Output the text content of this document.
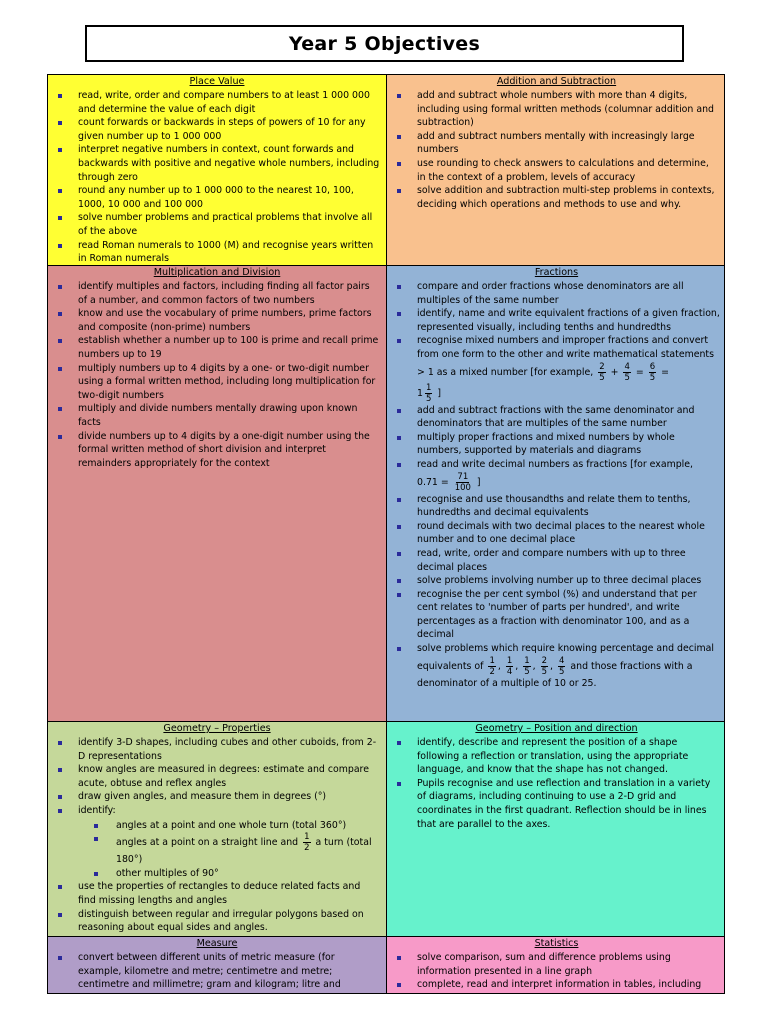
Year 5 Objectives
Place Value
read, write, order and compare numbers to at least 1 000 000 and determine the value of each digit
count forwards or backwards in steps of powers of 10 for any given number up to 1 000 000
interpret negative numbers in context, count forwards and backwards with positive and negative whole numbers, including through zero
round any number up to 1 000 000 to the nearest 10, 100, 1000, 10 000 and 100 000
solve number problems and practical problems that involve all of the above
read Roman numerals to 1000 (M) and recognise years written in Roman numerals
Addition and Subtraction
add and subtract whole numbers with more than 4 digits, including using formal written methods (columnar addition and subtraction)
add and subtract numbers mentally with increasingly large numbers
use rounding to check answers to calculations and determine, in the context of a problem, levels of accuracy
solve addition and subtraction multi-step problems in contexts, deciding which operations and methods to use and why.
Multiplication and Division
identify multiples and factors, including finding all factor pairs of a number, and common factors of two numbers
know and use the vocabulary of prime numbers, prime factors and composite (non-prime) numbers
establish whether a number up to 100 is prime and recall prime numbers up to 19
multiply numbers up to 4 digits by a one- or two-digit number using a formal written method, including long multiplication for two-digit numbers
multiply and divide numbers mentally drawing upon known facts
divide numbers up to 4 digits by a one-digit number using the formal written method of short division and interpret remainders appropriately for the context
Fractions
compare and order fractions whose denominators are all multiples of the same number
identify, name and write equivalent fractions of a given fraction, represented visually, including tenths and hundredths
recognise mixed numbers and improper fractions and convert from one form to the other and write mathematical statements > 1 as a mixed number [for example, $\frac{2}{5} + \frac{4}{5} = \frac{6}{5}$ =
$1 \frac{1}{5}$ ]
add and subtract fractions with the same denominator and denominators that are multiples of the same number
multiply proper fractions and mixed numbers by whole numbers, supported by materials and diagrams
read and write decimal numbers as fractions [for example,
$0.71 = \frac{71}{100}$ ]
recognise and use thousandths and relate them to tenths, hundredths and decimal equivalents
round decimals with two decimal places to the nearest whole number and to one decimal place
read, write, order and compare numbers with up to three decimal places
solve problems involving number up to three decimal places
recognise the per cent symbol (%) and understand that per cent relates to 'number of parts per hundred', and write percentages as a fraction with denominator 100, and as a decimal
solve problems which require knowing percentage and decimal equivalents of $\frac{1}{2}$ , $\frac{1}{4}$ , $\frac{1}{5}$ , $\frac{2}{5}$ , $\frac{4}{5}$ and those fractions with a denominator of a multiple of 10 or 25.
Geometry – Properties
identify 3-D shapes, including cubes and other cuboids, from 2-D representations
know angles are measured in degrees: estimate and compare acute, obtuse and reflex angles
draw given angles, and measure them in degrees (°)
identify:
angles at a point and one whole turn (total 360°)
angles at a point on a straight line and $\frac{1}{2}$ a turn (total 180°)
other multiples of 90°
use the properties of rectangles to deduce related facts and find missing lengths and angles
distinguish between regular and irregular polygons based on reasoning about equal sides and angles.
Geometry – Position and direction
identify, describe and represent the position of a shape following a reflection or translation, using the appropriate language, and know that the shape has not changed.
Pupils recognise and use reflection and translation in a variety of diagrams, including continuing to use a 2-D grid and coordinates in the first quadrant. Reflection should be in lines that are parallel to the axes.
Measure
convert between different units of metric measure (for example, kilometre and metre; centimetre and metre; centimetre and millimetre; gram and kilogram; litre and
Statistics
solve comparison, sum and difference problems using information presented in a line graph
complete, read and interpret information in tables, including
